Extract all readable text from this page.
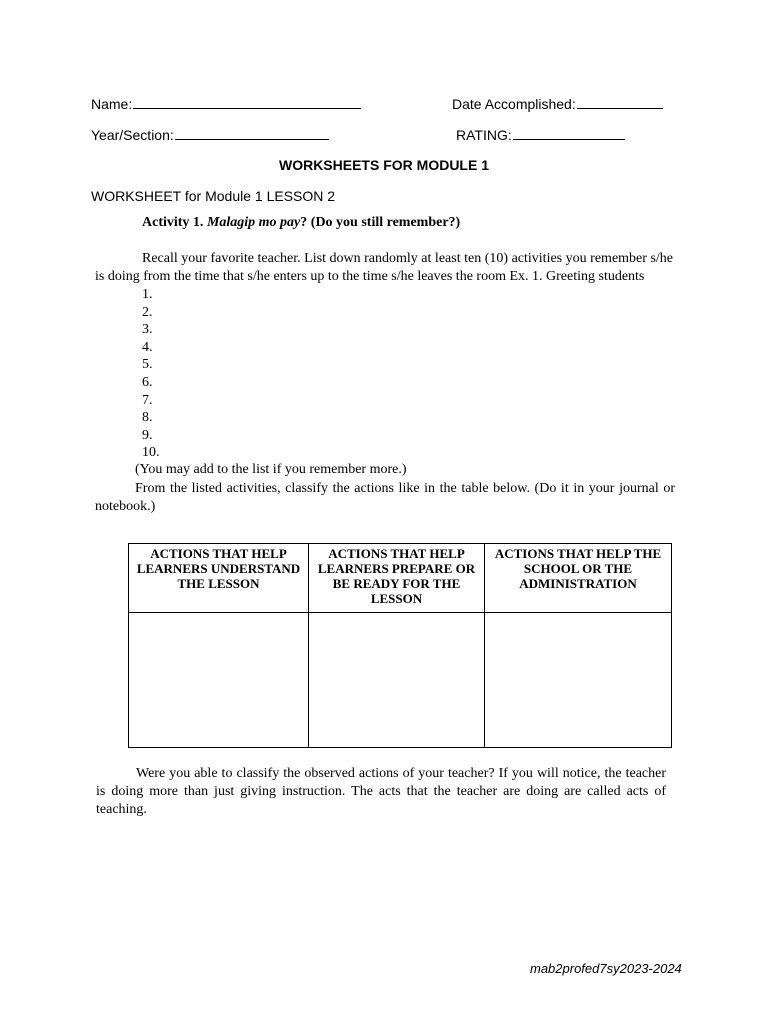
Name:	Date Accomplished:
Year/Section:	RATING:
WORKSHEETS FOR MODULE 1
WORKSHEET for Module 1 LESSON 2
Activity 1. Malagip mo pay? (Do you still remember?)
Recall your favorite teacher. List down randomly at least ten (10) activities you remember s/he is doing from the time that s/he enters up to the time s/he leaves the room Ex. 1. Greeting students
1.
2.
3.
4.
5.
6.
7.
8.
9.
10.
(You may add to the list if you remember more.)
From the listed activities, classify the actions like in the table below. (Do it in your journal or notebook.)
ACTIONS THAT HELP LEARNERS UNDERSTAND THE LESSON	ACTIONS THAT HELP LEARNERS PREPARE OR BE READY FOR THE LESSON	ACTIONS THAT HELP THE SCHOOL OR THE ADMINISTRATION

Were you able to classify the observed actions of your teacher? If you will notice, the teacher is doing more than just giving instruction. The acts that the teacher are doing are called acts of teaching.
mab2profed7sy2023-2024
